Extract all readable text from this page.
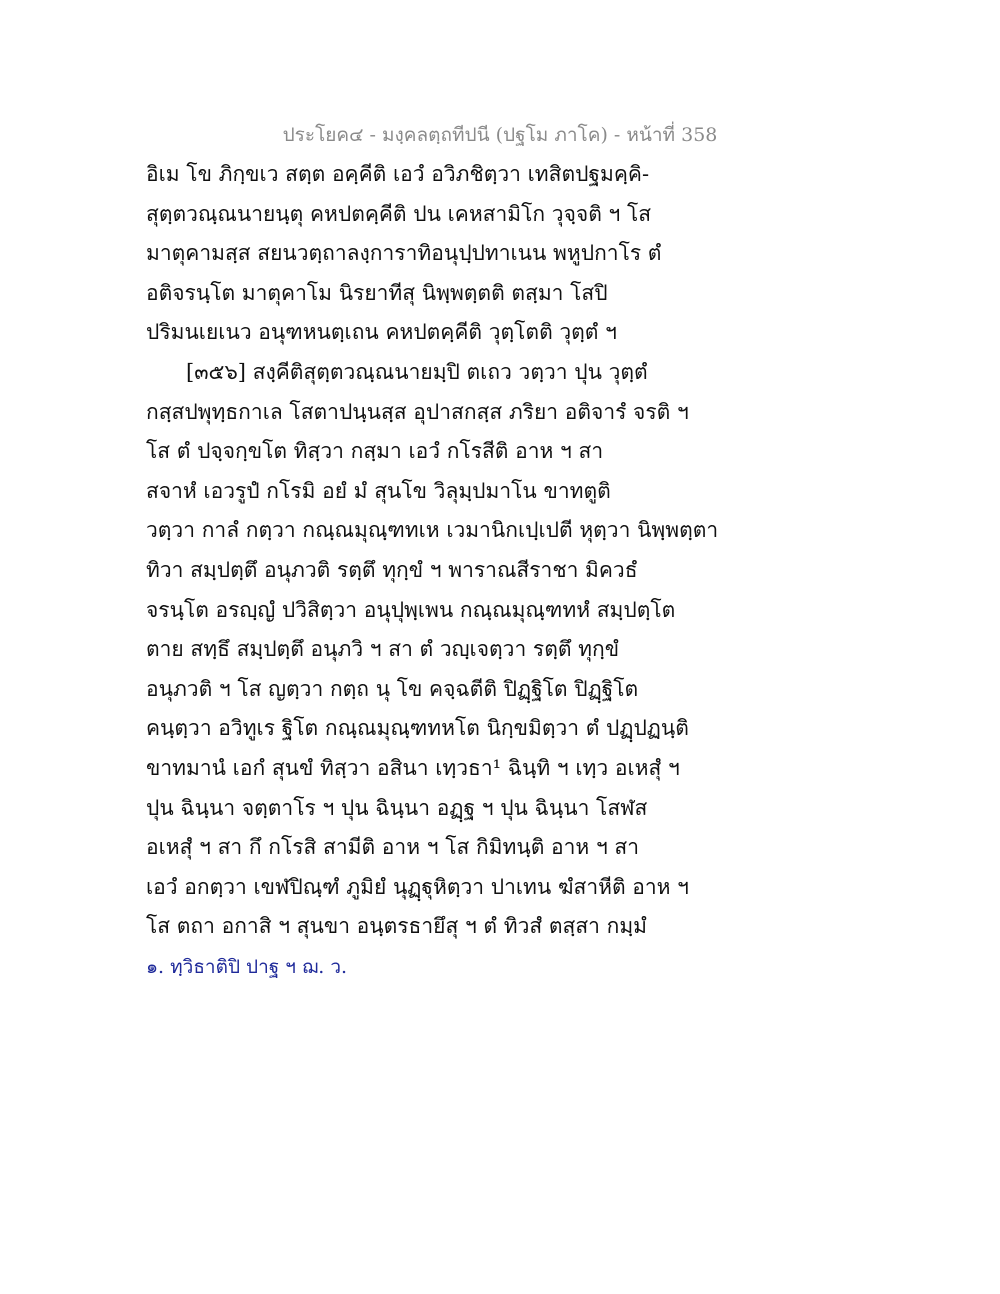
ประโยค๔ - มงฺคลตฺถทีปนี (ปฐโม ภาโค) - หน้าที่ 358
อิเม โข ภิกฺขเว สตฺต อคฺคีติ เอวํ อวิภชิตฺวา เทสิตปฐมคฺคิ-
สุตฺตวณฺณนายนฺตุ คหปตคฺคีติ ปน เคหสามิโก วุจฺจติ ฯ โส
มาตุคามสฺส สยนวตฺถาลงฺการาทิอนุปฺปทาเนน พหูปกาโร ตํ
อติจรนฺโต มาตุคาโม นิรยาทีสุ นิพฺพตฺตติ ตสฺมา โสปิ
ปริมนเยเนว อนุฑหนตฺเถน คหปตคฺคีติ วุตฺโตติ วุตฺตํ ฯ
[๓๕๖] สงฺคีติสุตฺตวณฺณนายมฺปิ ตเถว วตฺวา ปุน วุตฺตํ
กสฺสปพุทฺธกาเล โสตาปนฺนสฺส อุปาสกสฺส ภริยา อติจารํ จรติ ฯ
โส ตํ ปจฺจกฺขโต ทิสฺวา กสฺมา เอวํ กโรสีติ อาห ฯ สา
สจาหํ เอวรูปํ กโรมิ อยํ มํ สุนโข วิลุมฺปมาโน ขาทตูติ
วตฺวา กาลํ กตฺวา กณฺณมุณฺฑทเห เวมานิกเปฺเปตี หุตฺวา นิพฺพตฺตา
ทิวา สมฺปตฺตึ อนุภวติ รตฺตึ ทุกฺขํ ฯ พาราณสีราชา มิควธํ
จรนฺโต อรญฺญํ ปวิสิตฺวา อนุปุพฺเพน กณฺณมุณฺฑทหํ สมฺปตฺโต
ตาย สทฺธึ สมฺปตฺตึ อนุภวิ ฯ สา ตํ วญฺเจตฺวา รตฺตึ ทุกฺขํ
อนุภวติ ฯ โส ญตฺวา กตฺถ นุ โข คจฺฉตีติ ปิฏฺฐิโต ปิฏฺฐิโต
คนฺตฺวา อวิทูเร ฐิโต กณฺณมุณฺฑทหโต นิกฺขมิตฺวา ตํ ปฏฺปฏนฺติ
ขาทมานํ เอกํ สุนขํ ทิสฺวา อสินา เทฺวธา¹ ฉินฺทิ ฯ เทฺว อเหสุํ ฯ
ปุน ฉินฺนา จตฺตาโร ฯ ปุน ฉินฺนา อฏฺฐ ฯ ปุน ฉินฺนา โสฬส
อเหสุํ ฯ สา กึ กโรสิ สามีติ อาห ฯ โส กิมิทนฺติ อาห ฯ สา
เอวํ อกตฺวา เขฬปิณฺฑํ ภูมิยํ นุฏฺฐุหิตฺวา ปาเทน ฆํสาหีติ อาห ฯ
โส ตถา อกาสิ ฯ สุนขา อนฺตรธายึสุ ฯ ตํ ทิวสํ ตสฺสา กมฺมํ
๑. ทฺวิธาติปิ ปาฐ ฯ ฌ. ว.
